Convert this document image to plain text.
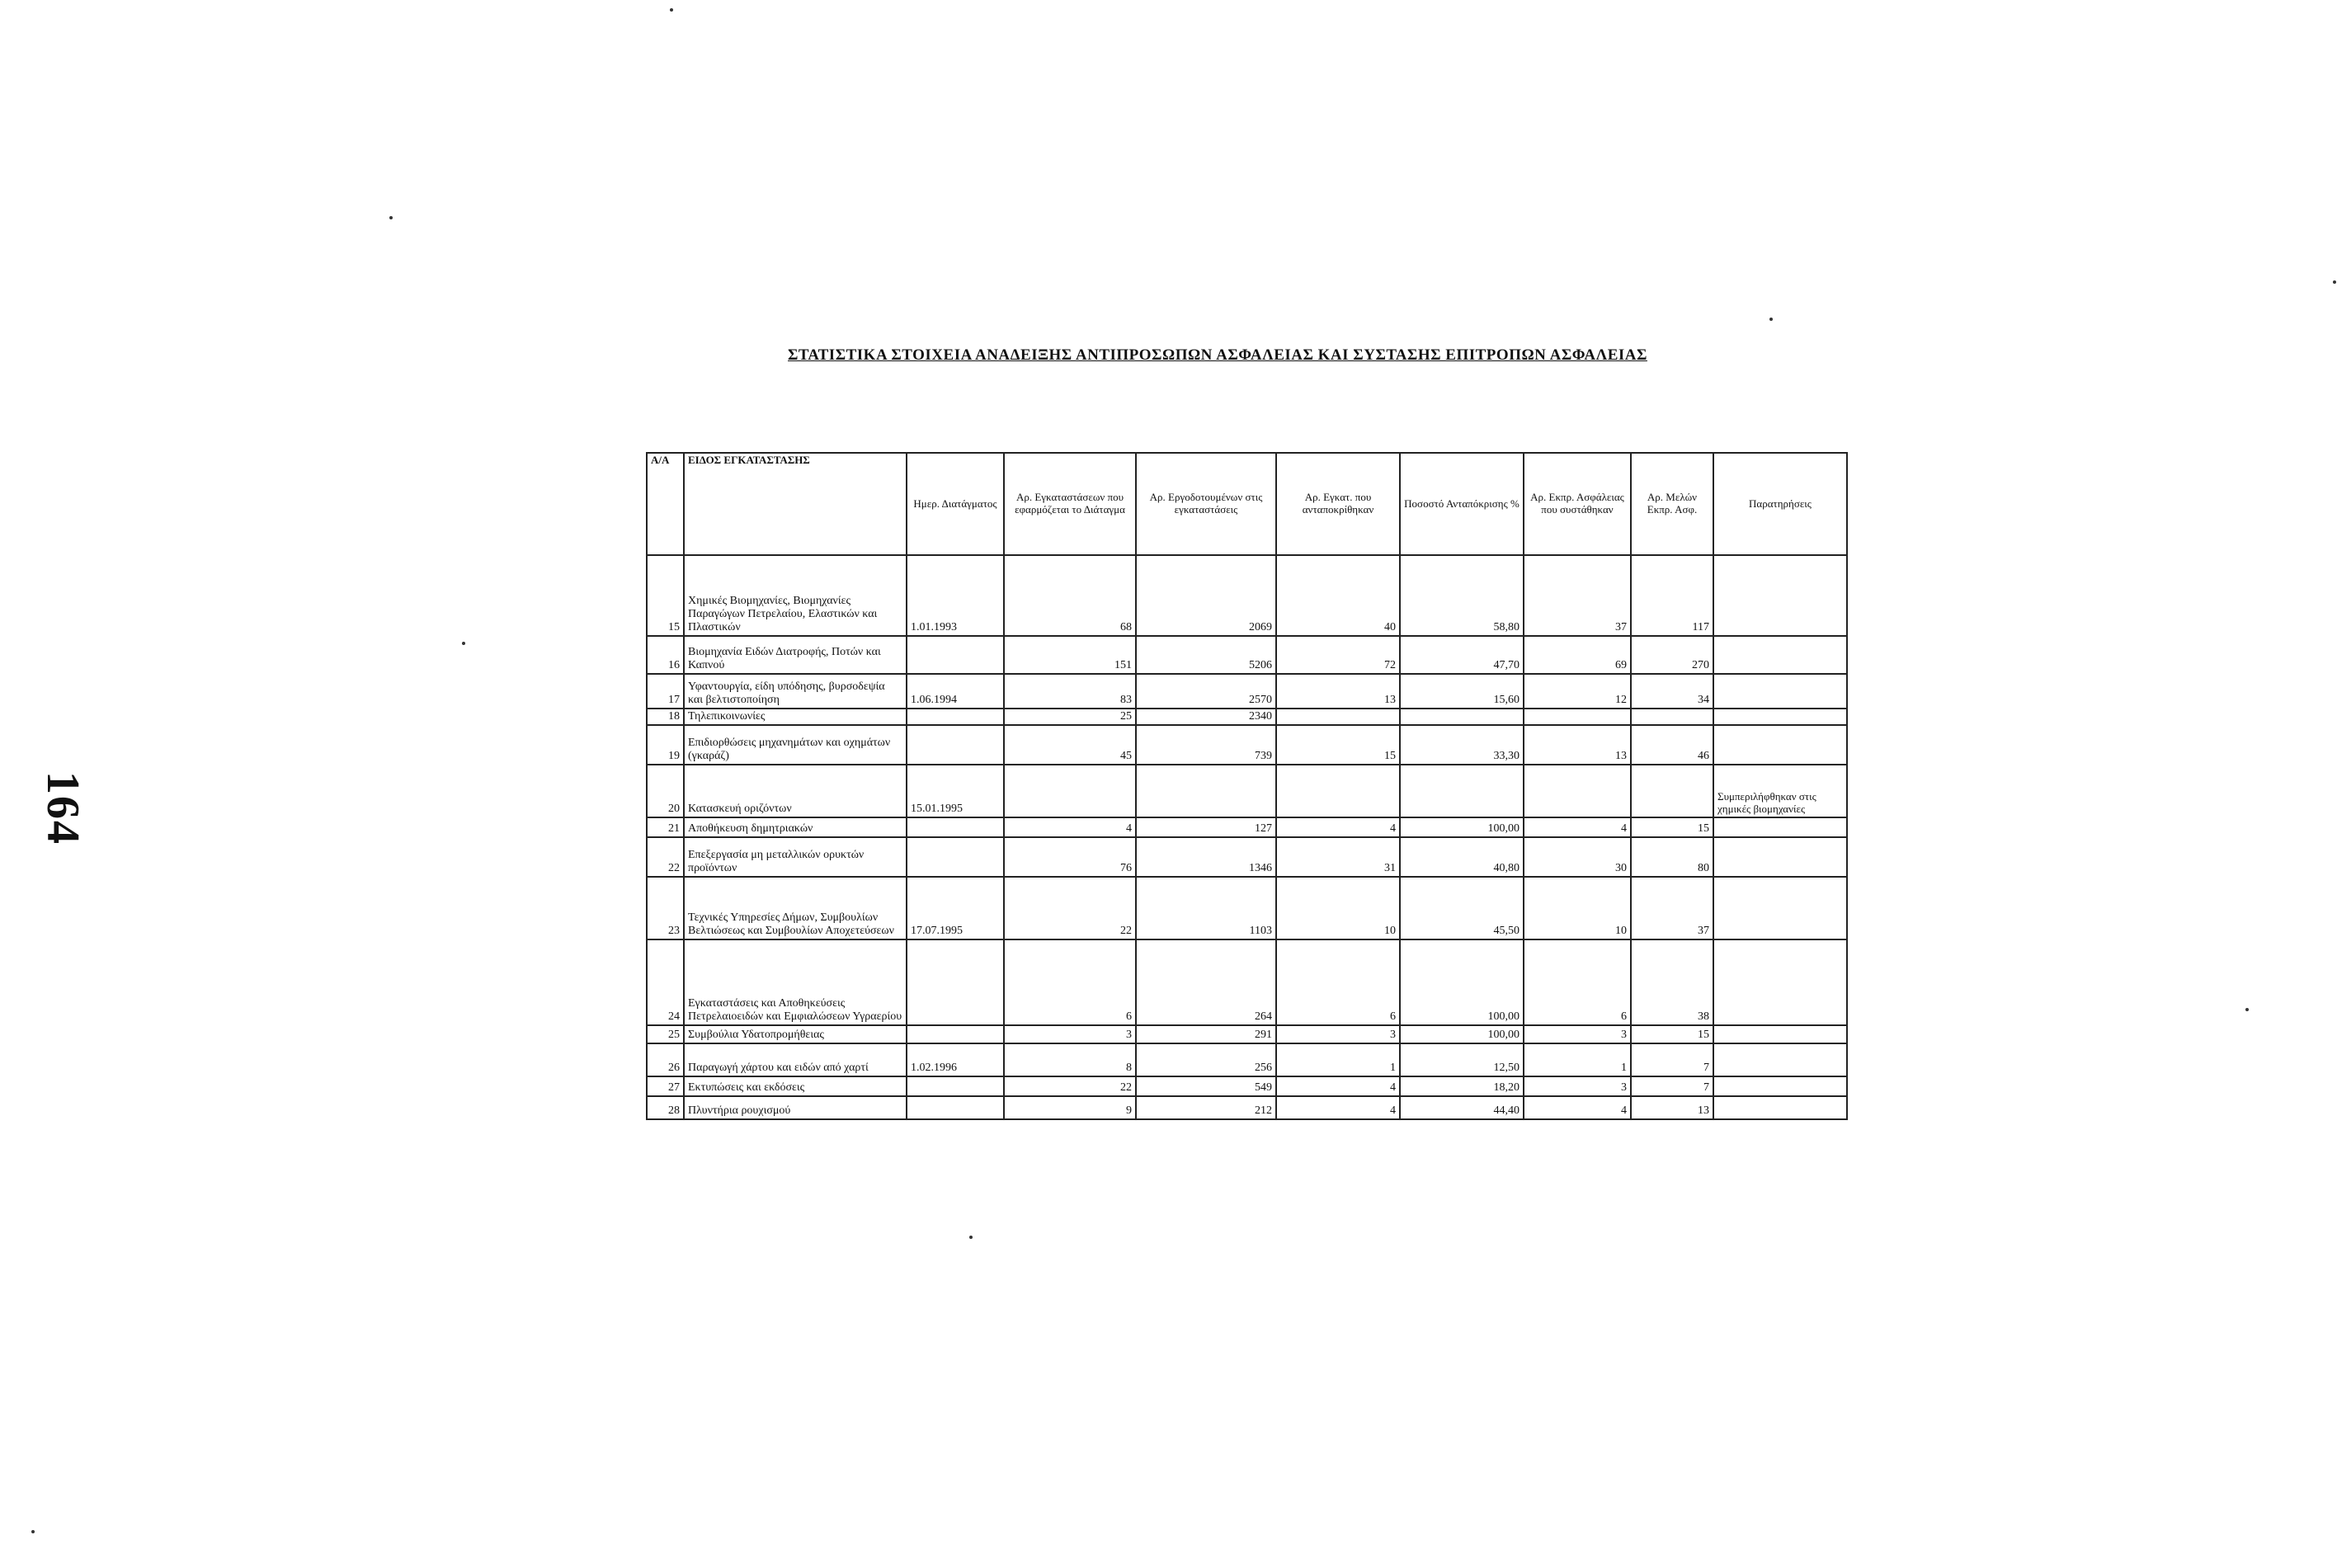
164
ΣΤΑΤΙΣΤΙΚΑ ΣΤΟΙΧΕΙΑ ΑΝΑΔΕΙΞΗΣ ΑΝΤΙΠΡΟΣΩΠΩΝ ΑΣΦΑΛΕΙΑΣ ΚΑΙ ΣΥΣΤΑΣΗΣ ΕΠΙΤΡΟΠΩΝ ΑΣΦΑΛΕΙΑΣ
Α/Α	ΕΙΔΟΣ ΕΓΚΑΤΑΣΤΑΣΗΣ	Ημερ. Διατάγματος	Αρ. Εγκαταστάσεων που εφαρμόζεται το Διάταγμα	Αρ. Εργοδοτουμένων στις εγκαταστάσεις	Αρ. Εγκατ. που ανταποκρίθηκαν	Ποσοστό Ανταπόκρισης %	Αρ. Εκπρ. Ασφάλειας που συστάθηκαν	Αρ. Μελών Εκπρ. Ασφ.	Παρατηρήσεις
15	Χημικές Βιομηχανίες, Βιομηχανίες Παραγώγων Πετρελαίου, Ελαστικών και Πλαστικών	1.01.1993	68	2069	40	58,80	37	117	
16	Βιομηχανία Ειδών Διατροφής, Ποτών και Καπνού		151	5206	72	47,70	69	270	
17	Υφαντουργία, είδη υπόδησης, βυρσοδεψία και βελτιστοποίηση	1.06.1994	83	2570	13	15,60	12	34	
18	Τηλεπικοινωνίες		25	2340					
19	Επιδιορθώσεις μηχανημάτων και οχημάτων (γκαράζ)		45	739	15	33,30	13	46	
20	Κατασκευή οριζόντων	15.01.1995							Συμπεριλήφθηκαν στις χημικές βιομηχανίες
21	Αποθήκευση δημητριακών		4	127	4	100,00	4	15	
22	Επεξεργασία μη μεταλλικών ορυκτών προϊόντων		76	1346	31	40,80	30	80	
23	Τεχνικές Υπηρεσίες Δήμων, Συμβουλίων Βελτιώσεως και Συμβουλίων Αποχετεύσεων	17.07.1995	22	1103	10	45,50	10	37	
24	Εγκαταστάσεις και Αποθηκεύσεις Πετρελαιοειδών και Εμφιαλώσεων Υγραερίου		6	264	6	100,00	6	38	
25	Συμβούλια Υδατοπρομήθειας		3	291	3	100,00	3	15	
26	Παραγωγή χάρτου και ειδών από χαρτί	1.02.1996	8	256	1	12,50	1	7	
27	Εκτυπώσεις και εκδόσεις		22	549	4	18,20	3	7	
28	Πλυντήρια ρουχισμού		9	212	4	44,40	4	13	
